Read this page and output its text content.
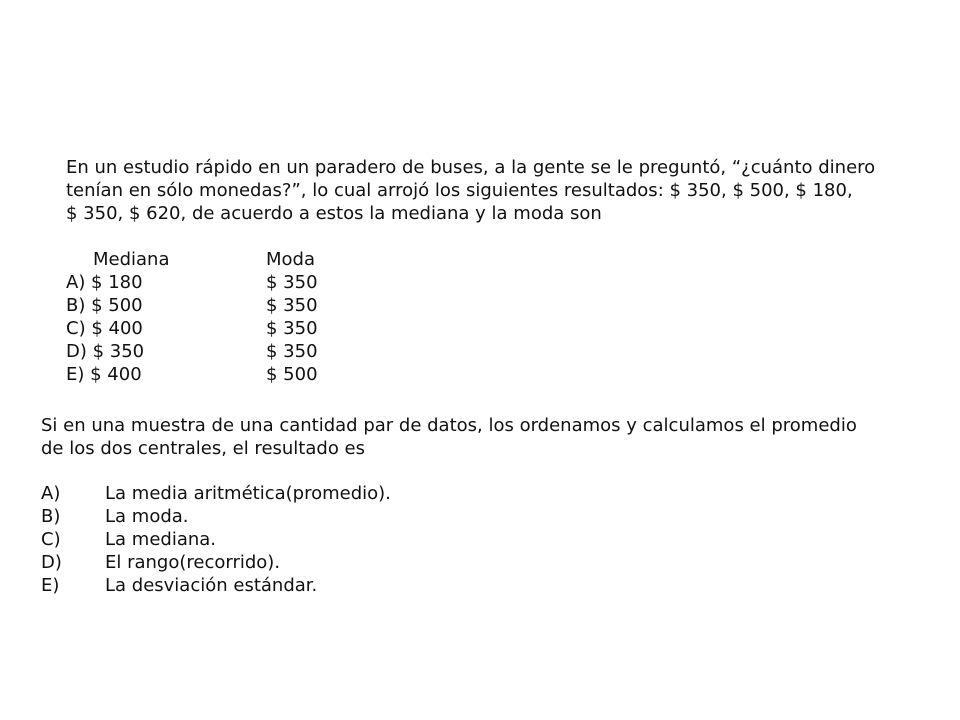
En un estudio rápido en un paradero de buses, a la gente se le preguntó, “¿cuánto dinero
tenían en sólo monedas?”, lo cual arrojó los siguientes resultados: $ 350, $ 500, $ 180,
$ 350, $ 620, de acuerdo a estos la mediana y la moda son

Mediana	Moda
A) $ 180	$ 350
B) $ 500	$ 350
C) $ 400	$ 350
D) $ 350	$ 350
E) $ 400	$ 500

Si en una muestra de una cantidad par de datos, los ordenamos y calculamos el promedio
de los dos centrales, el resultado es

A)	La media aritmética(promedio).
B)	La moda.
C)	La mediana.
D)	El rango(recorrido).
E)	La desviación estándar.
